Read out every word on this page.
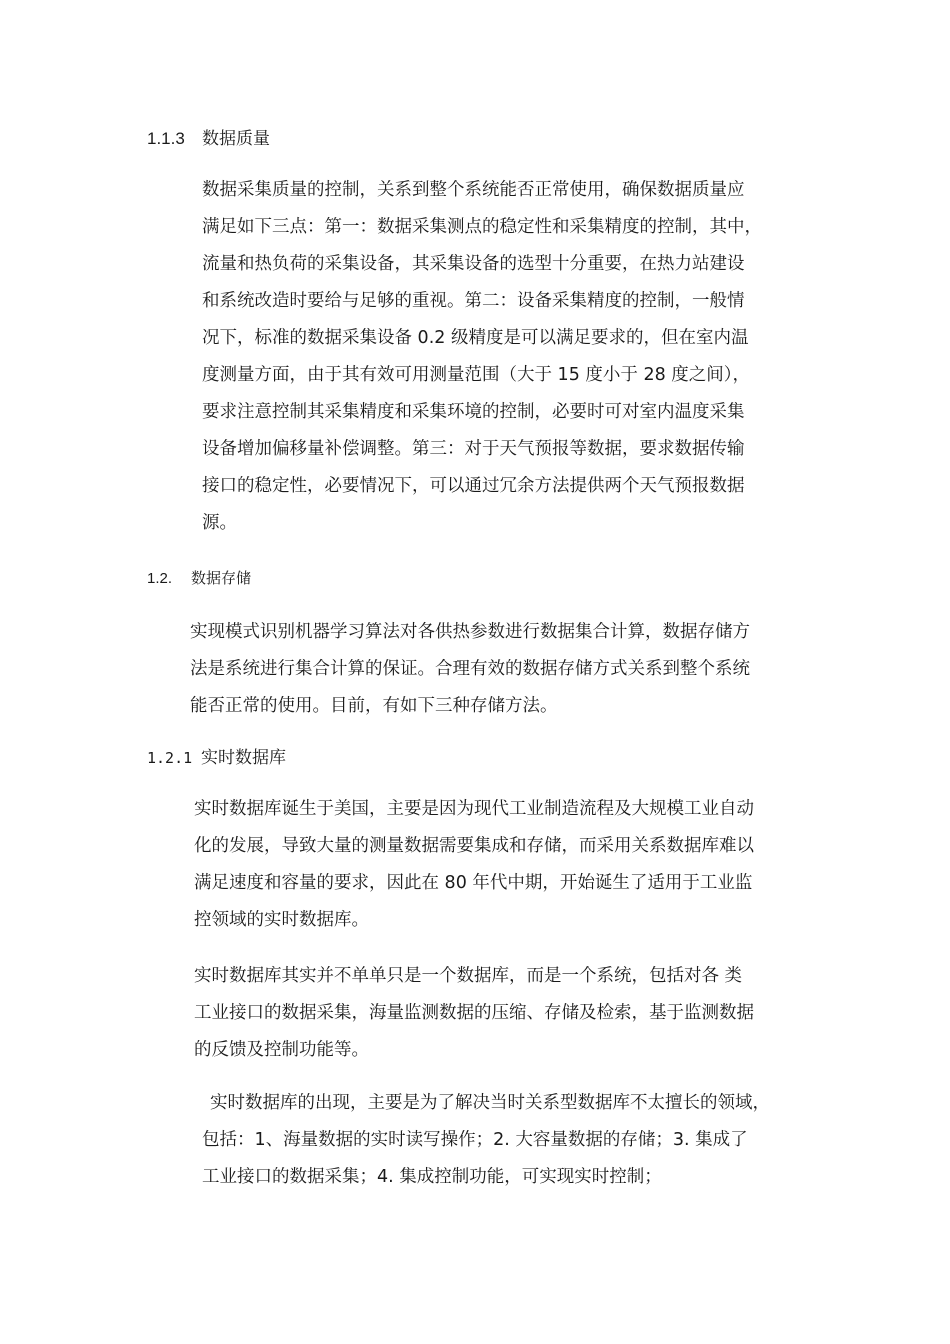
1.1.3 数据质量
数据采集质量的控制，关系到整个系统能否正常使用，确保数据质量应
满足如下三点：第一：数据采集测点的稳定性和采集精度的控制，其中，
流量和热负荷的采集设备，其采集设备的选型十分重要，在热力站建设
和系统改造时要给与足够的重视。第二：设备采集精度的控制，一般情
况下，标准的数据采集设备 0.2 级精度是可以满足要求的，但在室内温
度测量方面，由于其有效可用测量范围（大于 15 度小于 28 度之间），
要求注意控制其采集精度和采集环境的控制，必要时可对室内温度采集
设备增加偏移量补偿调整。第三：对于天气预报等数据，要求数据传输
接口的稳定性，必要情况下，可以通过冗余方法提供两个天气预报数据
源。
1.2. 数据存储
实现模式识别机器学习算法对各供热参数进行数据集合计算，数据存储方
法是系统进行集合计算的保证。合理有效的数据存储方式关系到整个系统
能否正常的使用。目前，有如下三种存储方法。
1.2.1 实时数据库
实时数据库诞生于美国，主要是因为现代工业制造流程及大规模工业自动
化的发展，导致大量的测量数据需要集成和存储，而采用关系数据库难以
满足速度和容量的要求，因此在 80 年代中期，开始诞生了适用于工业监
控领域的实时数据库。
实时数据库其实并不单单只是一个数据库，而是一个系统，包括对各 类
工业接口的数据采集，海量监测数据的压缩、存储及检索，基于监测数据
的反馈及控制功能等。
实时数据库的出现，主要是为了解决当时关系型数据库不太擅长的领域，
包括：1、海量数据的实时读写操作；2. 大容量数据的存储；3. 集成了
工业接口的数据采集；4. 集成控制功能，可实现实时控制；
